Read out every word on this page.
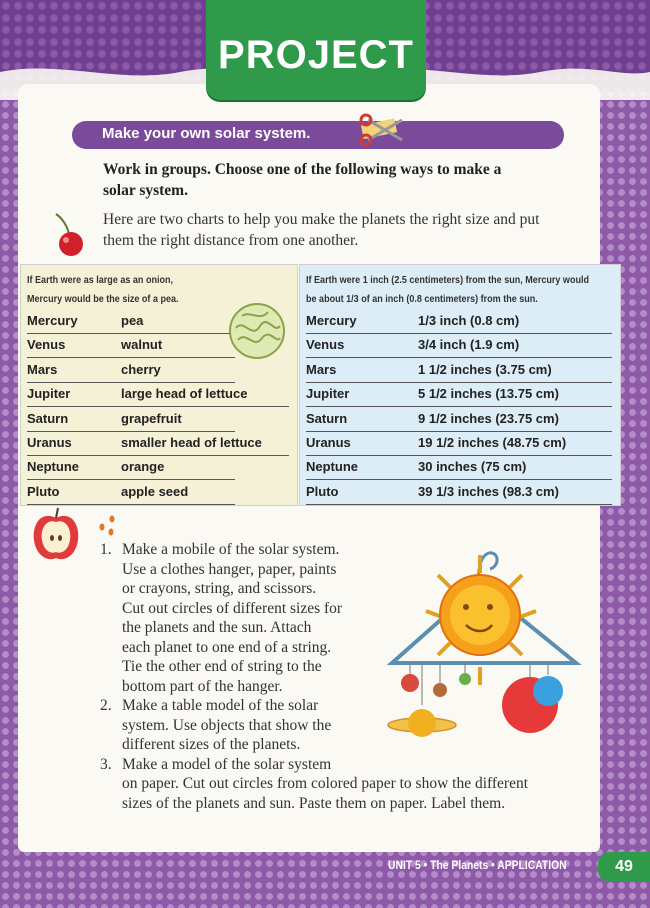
PROJECT
Make your own solar system.
Work in groups. Choose one of the following ways to make a solar system.
Here are two charts to help you make the planets the right size and put them the right distance from one another.
If Earth were as large as an onion,
Mercury would be the size of a pea.
Mercury	pea
Venus	walnut
Mars	cherry
Jupiter	large head of lettuce
Saturn	grapefruit
Uranus	smaller head of lettuce
Neptune	orange
Pluto	apple seed
If Earth were 1 inch (2.5 centimeters) from the sun, Mercury would
be about 1/3 of an inch (0.8 centimeters) from the sun.
Mercury	1/3 inch (0.8 cm)
Venus	3/4 inch (1.9 cm)
Mars	1 1/2 inches (3.75 cm)
Jupiter	5 1/2 inches (13.75 cm)
Saturn	9 1/2 inches (23.75 cm)
Uranus	19 1/2 inches (48.75 cm)
Neptune	30 inches (75 cm)
Pluto	39 1/3 inches (98.3 cm)
1. Make a mobile of the solar system.
Use a clothes hanger, paper, paints
or crayons, string, and scissors.
Cut out circles of different sizes for
the planets and the sun. Attach
each planet to one end of a string.
Tie the other end of string to the
bottom part of the hanger.
2. Make a table model of the solar
system. Use objects that show the
different sizes of the planets.
3. Make a model of the solar system
on paper. Cut out circles from colored paper to show the different
sizes of the planets and sun. Paste them on paper. Label them.
UNIT 5 • The Planets • APPLICATION	49
